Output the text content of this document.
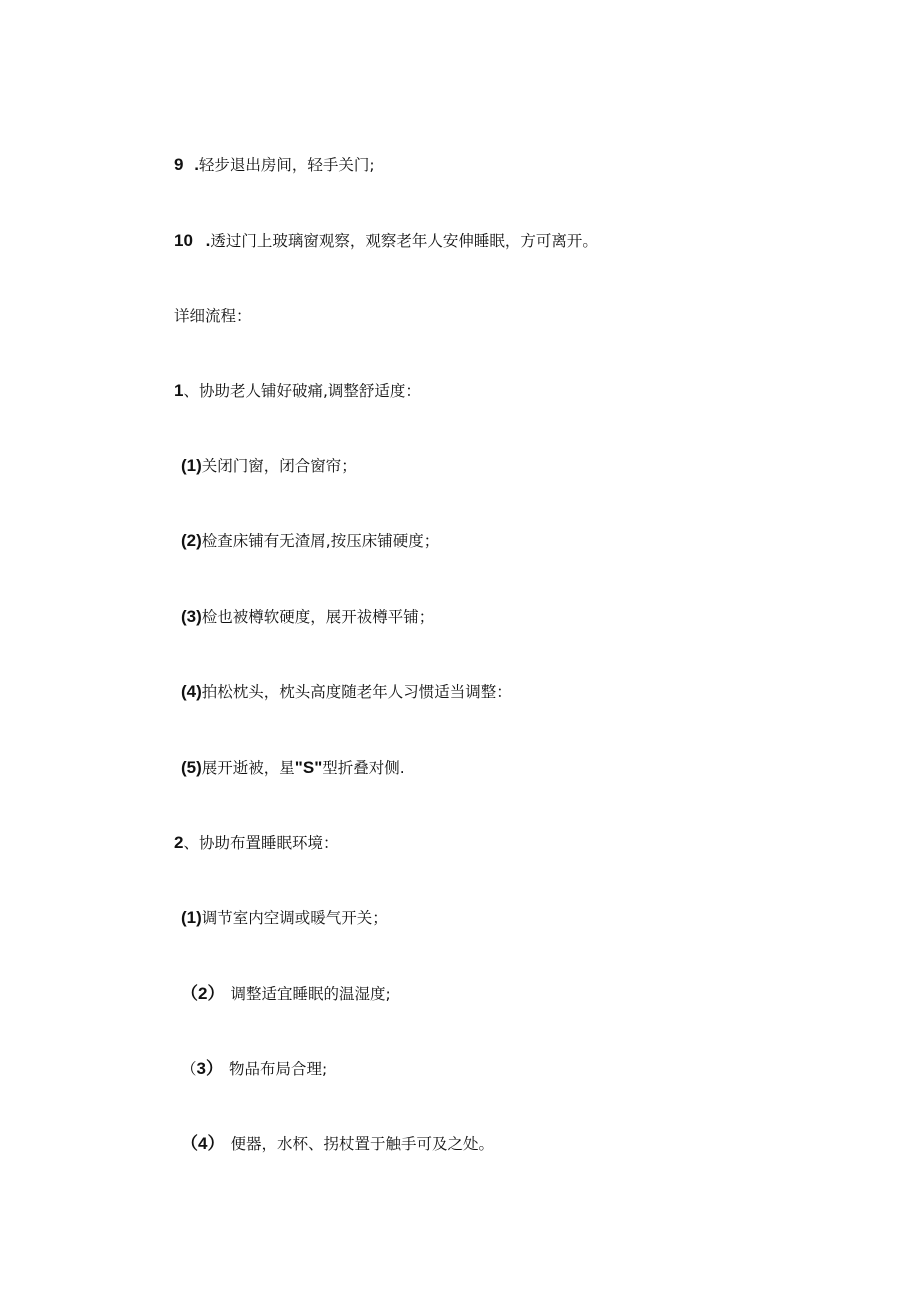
9 .轻步退出房间，轻手关门;
10 .透过门上玻璃窗观察，观察老年人安伸睡眠，方可离开。
详细流程：
1、协助老人铺好破痛,调整舒适度：
(1)关闭门窗，闭合窗帘；
(2)检查床铺有无渣屑,按压床铺硬度；
(3)检也被樽软硬度，展开祓樽平铺；
(4)拍松枕头，枕头高度随老年人习惯适当调整：
(5)展开逝被，星"S"型折叠对侧.
2、协助布置睡眠环境：
(1)调节室内空调或暖气开关；
（2） 调整适宜睡眠的温湿度;
（3） 物品布局合理;
（4） 便器，水杯、拐杖置于触手可及之处。
